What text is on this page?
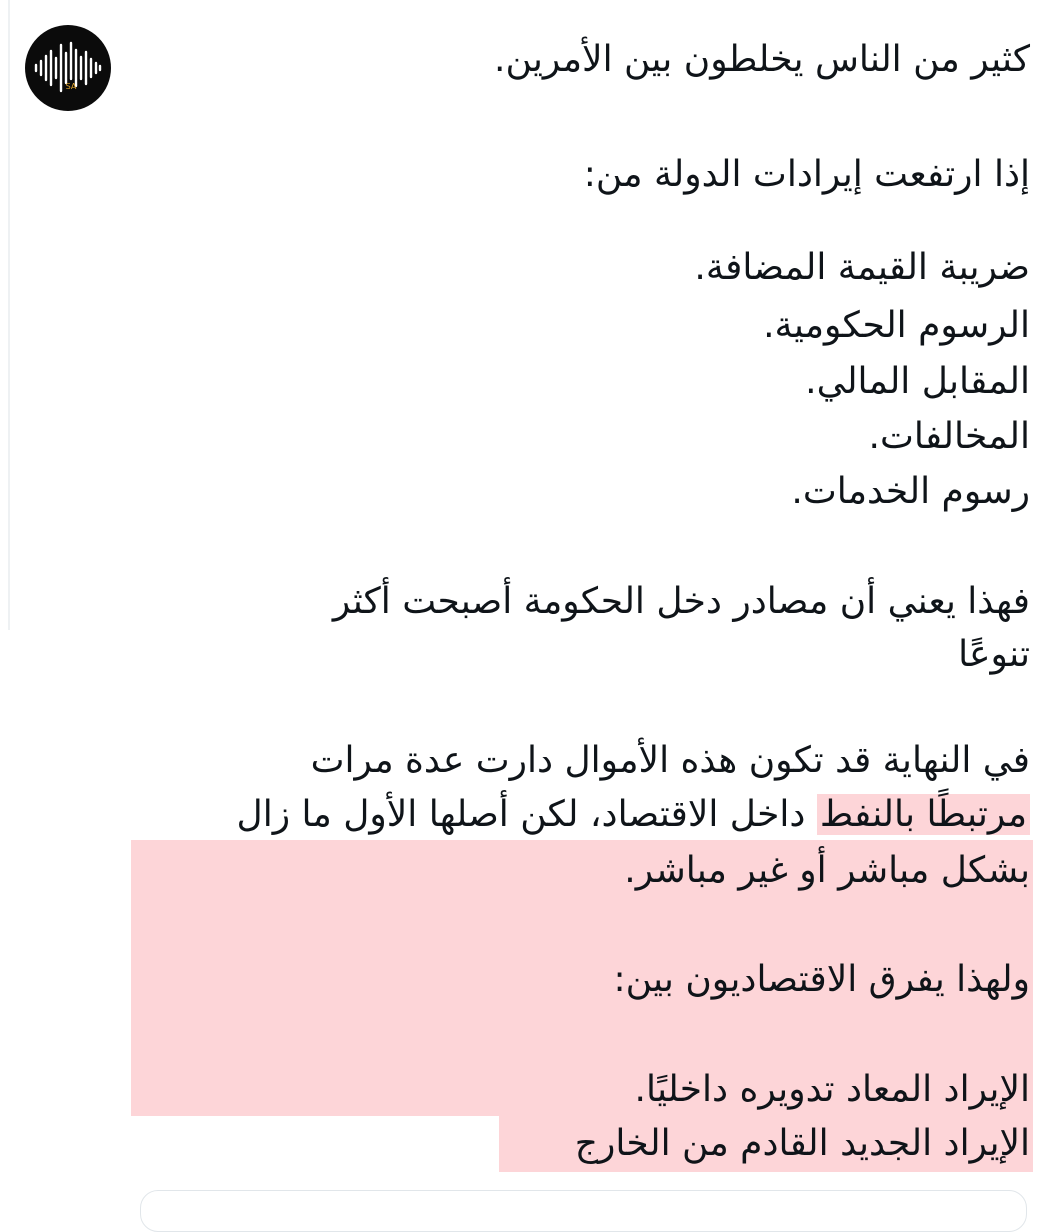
SA
كثير من الناس يخلطون بين الأمرين.
إذا ارتفعت إيرادات الدولة من:
ضريبة القيمة المضافة.
الرسوم الحكومية.
المقابل المالي.
المخالفات.
رسوم الخدمات.
فهذا يعني أن مصادر دخل الحكومة أصبحت أكثر
تنوعًا
في النهاية قد تكون هذه الأموال دارت عدة مرات
مرتبطًا بالنفط داخل الاقتصاد، لكن أصلها الأول ما زال
بشكل مباشر أو غير مباشر.
ولهذا يفرق الاقتصاديون بين:
الإيراد المعاد تدويره داخليًا.
الإيراد الجديد القادم من الخارج
